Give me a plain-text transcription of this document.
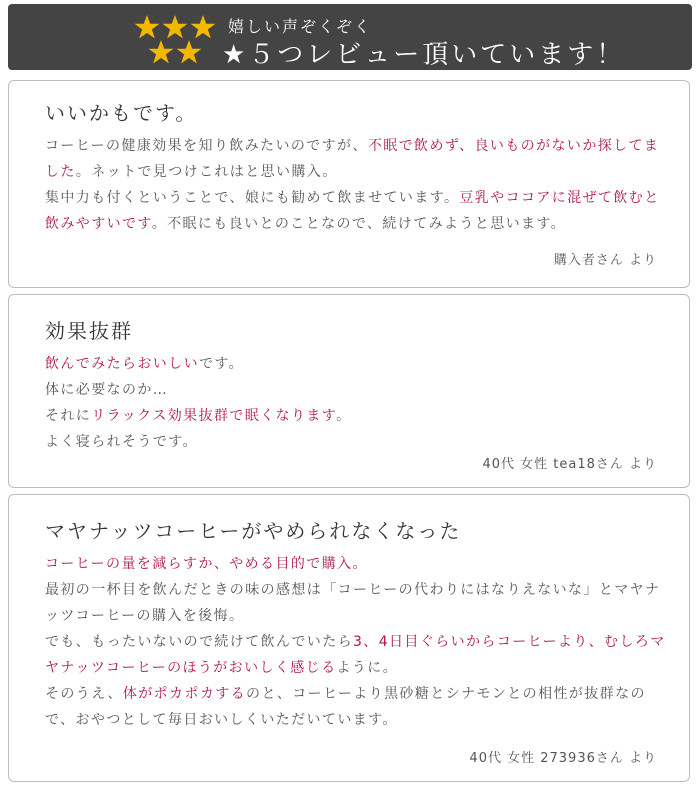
嬉しい声ぞくぞく
★５つレビュー頂いています！
いいかもです。

コーヒーの健康効果を知り飲みたいのですが、不眠で飲めず、良いものがないか探してました。ネットで見つけこれはと思い購入。

集中力も付くということで、娘にも勧めて飲ませています。豆乳やココアに混ぜて飲むと飲みやすいです。不眠にも良いとのことなので、続けてみようと思います。

購入者さん より
効果抜群

飲んでみたらおいしいです。

体に必要なのか…

それにリラックス効果抜群で眠くなります。

よく寝られそうです。

40代 女性 tea18さん より
マヤナッツコーヒーがやめられなくなった

コーヒーの量を減らすか、やめる目的で購入。

最初の一杯目を飲んだときの味の感想は「コーヒーの代わりにはなりえないな」とマヤナッツコーヒーの購入を後悔。

でも、もったいないので続けて飲んでいたら3、4日目ぐらいからコーヒーより、むしろマヤナッツコーヒーのほうがおいしく感じるように。

そのうえ、体がポカポカするのと、コーヒーより黒砂糖とシナモンとの相性が抜群なので、おやつとして毎日おいしくいただいています。

40代 女性 273936さん より
